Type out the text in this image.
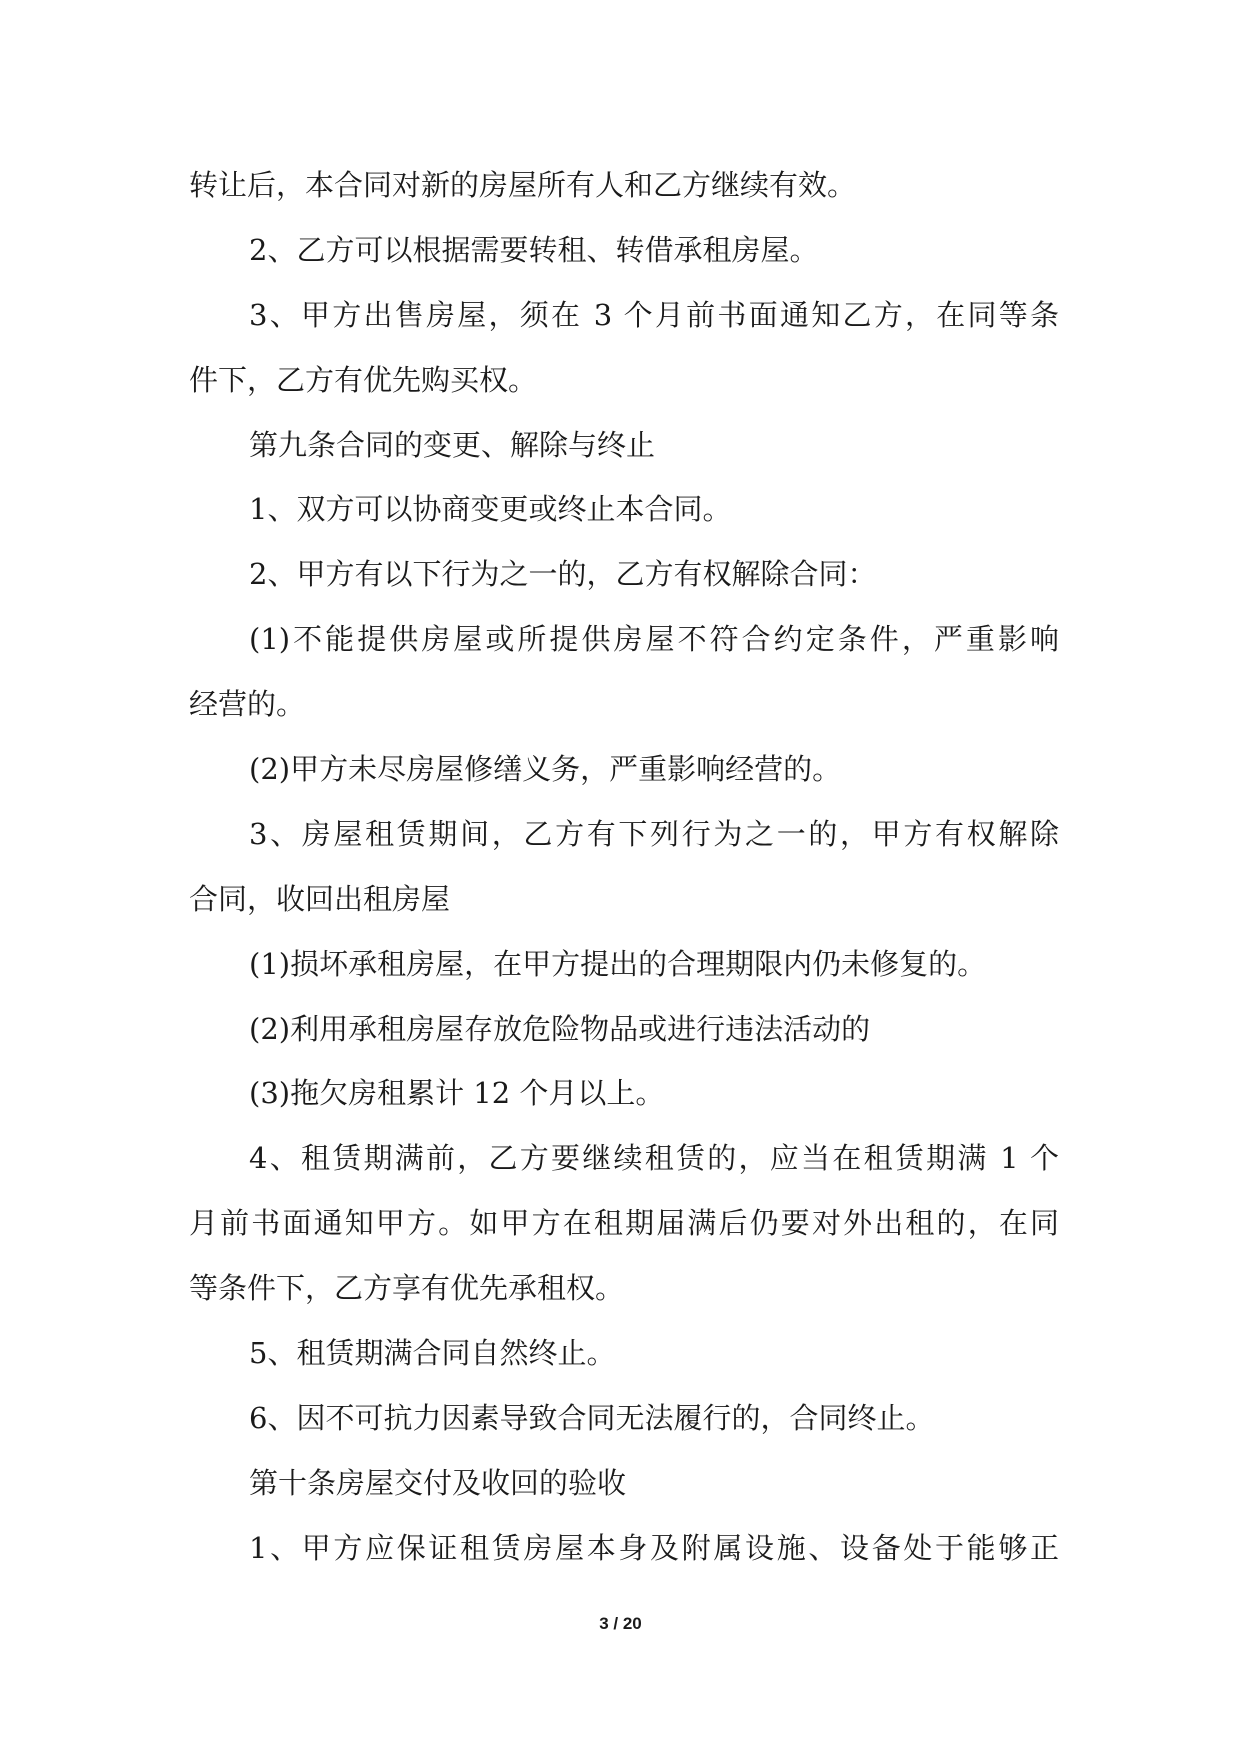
转让后，本合同对新的房屋所有人和乙方继续有效。
2、乙方可以根据需要转租、转借承租房屋。
3、甲方出售房屋，须在 3 个月前书面通知乙方，在同等条
件下，乙方有优先购买权。
第九条合同的变更、解除与终止
1、双方可以协商变更或终止本合同。
2、甲方有以下行为之一的，乙方有权解除合同：
(1)不能提供房屋或所提供房屋不符合约定条件，严重影响
经营的。
(2)甲方未尽房屋修缮义务，严重影响经营的。
3、房屋租赁期间，乙方有下列行为之一的，甲方有权解除
合同，收回出租房屋
(1)损坏承租房屋，在甲方提出的合理期限内仍未修复的。
(2)利用承租房屋存放危险物品或进行违法活动的
(3)拖欠房租累计 12 个月以上。
4、租赁期满前，乙方要继续租赁的，应当在租赁期满 1 个
月前书面通知甲方。如甲方在租期届满后仍要对外出租的，在同
等条件下，乙方享有优先承租权。
5、租赁期满合同自然终止。
6、因不可抗力因素导致合同无法履行的，合同终止。
第十条房屋交付及收回的验收
1、甲方应保证租赁房屋本身及附属设施、设备处于能够正
3 / 20
